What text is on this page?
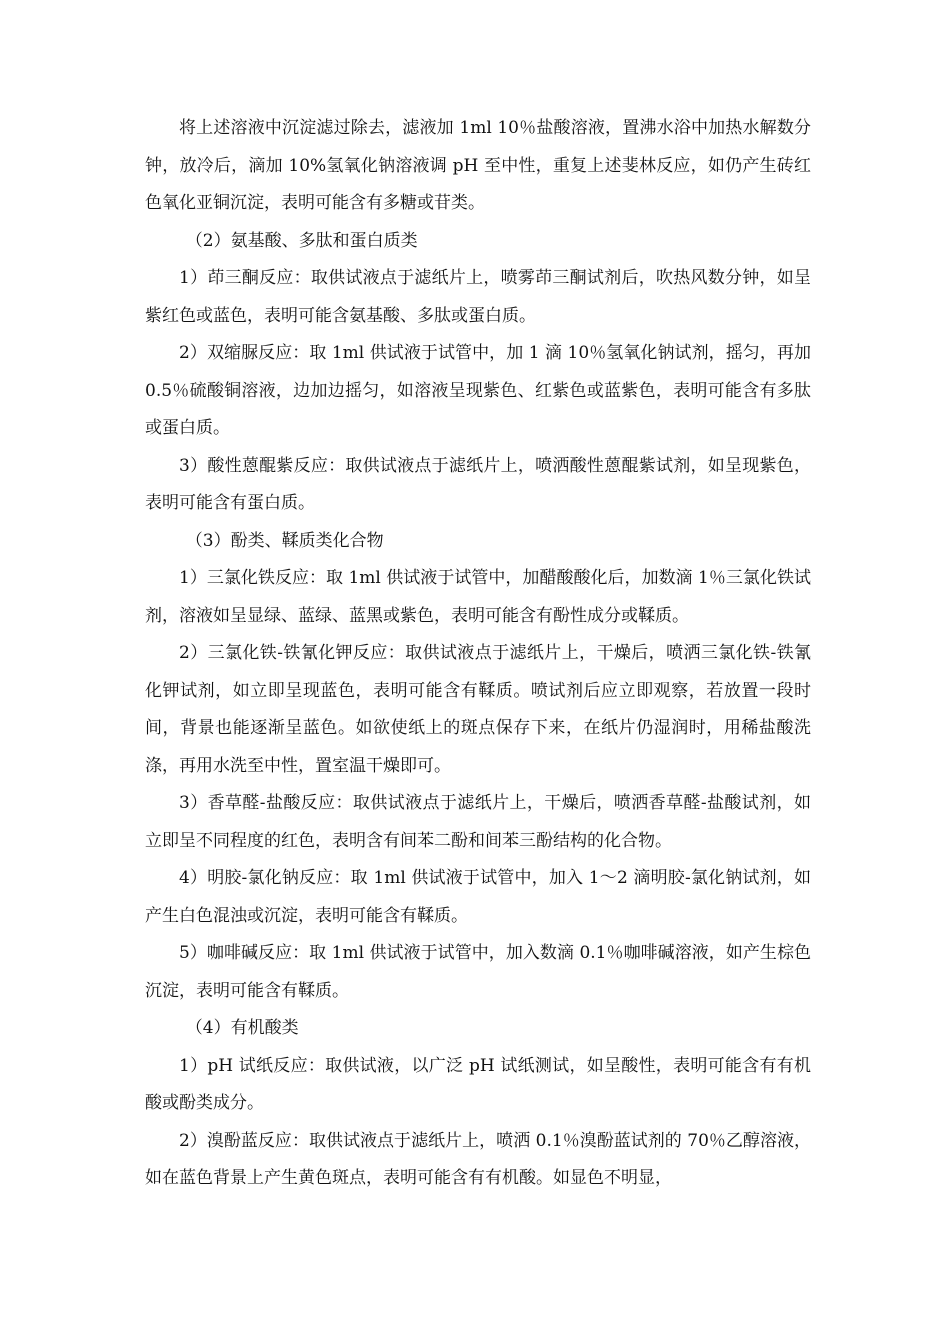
将上述溶液中沉淀滤过除去，滤液加 1ml 10％盐酸溶液，置沸水浴中加热水解数分钟，放冷后，滴加 10%氢氧化钠溶液调 pH 至中性，重复上述斐林反应，如仍产生砖红色氧化亚铜沉淀，表明可能含有多糖或苷类。

（2）氨基酸、多肽和蛋白质类

1）茚三酮反应：取供试液点于滤纸片上，喷雾茚三酮试剂后，吹热风数分钟，如呈紫红色或蓝色，表明可能含氨基酸、多肽或蛋白质。

2）双缩脲反应：取 1ml 供试液于试管中，加 1 滴 10％氢氧化钠试剂，摇匀，再加 0.5％硫酸铜溶液，边加边摇匀，如溶液呈现紫色、红紫色或蓝紫色，表明可能含有多肽或蛋白质。

3）酸性蒽醌紫反应：取供试液点于滤纸片上，喷洒酸性蒽醌紫试剂，如呈现紫色，表明可能含有蛋白质。

（3）酚类、鞣质类化合物

1）三氯化铁反应：取 1ml 供试液于试管中，加醋酸酸化后，加数滴 1％三氯化铁试剂，溶液如呈显绿、蓝绿、蓝黑或紫色，表明可能含有酚性成分或鞣质。

2）三氯化铁-铁氰化钾反应：取供试液点于滤纸片上，干燥后，喷洒三氯化铁-铁氰化钾试剂，如立即呈现蓝色，表明可能含有鞣质。喷试剂后应立即观察，若放置一段时间，背景也能逐渐呈蓝色。如欲使纸上的斑点保存下来，在纸片仍湿润时，用稀盐酸洗涤，再用水洗至中性，置室温干燥即可。

3）香草醛-盐酸反应：取供试液点于滤纸片上，干燥后，喷洒香草醛-盐酸试剂，如立即呈不同程度的红色，表明含有间苯二酚和间苯三酚结构的化合物。

4）明胶-氯化钠反应：取 1ml 供试液于试管中，加入 1～2 滴明胶-氯化钠试剂，如产生白色混浊或沉淀，表明可能含有鞣质。

5）咖啡碱反应：取 1ml 供试液于试管中，加入数滴 0.1％咖啡碱溶液，如产生棕色沉淀，表明可能含有鞣质。

（4）有机酸类

1）pH 试纸反应：取供试液，以广泛 pH 试纸测试，如呈酸性，表明可能含有有机酸或酚类成分。

2）溴酚蓝反应：取供试液点于滤纸片上，喷洒 0.1％溴酚蓝试剂的 70％乙醇溶液，如在蓝色背景上产生黄色斑点，表明可能含有有机酸。如显色不明显，
